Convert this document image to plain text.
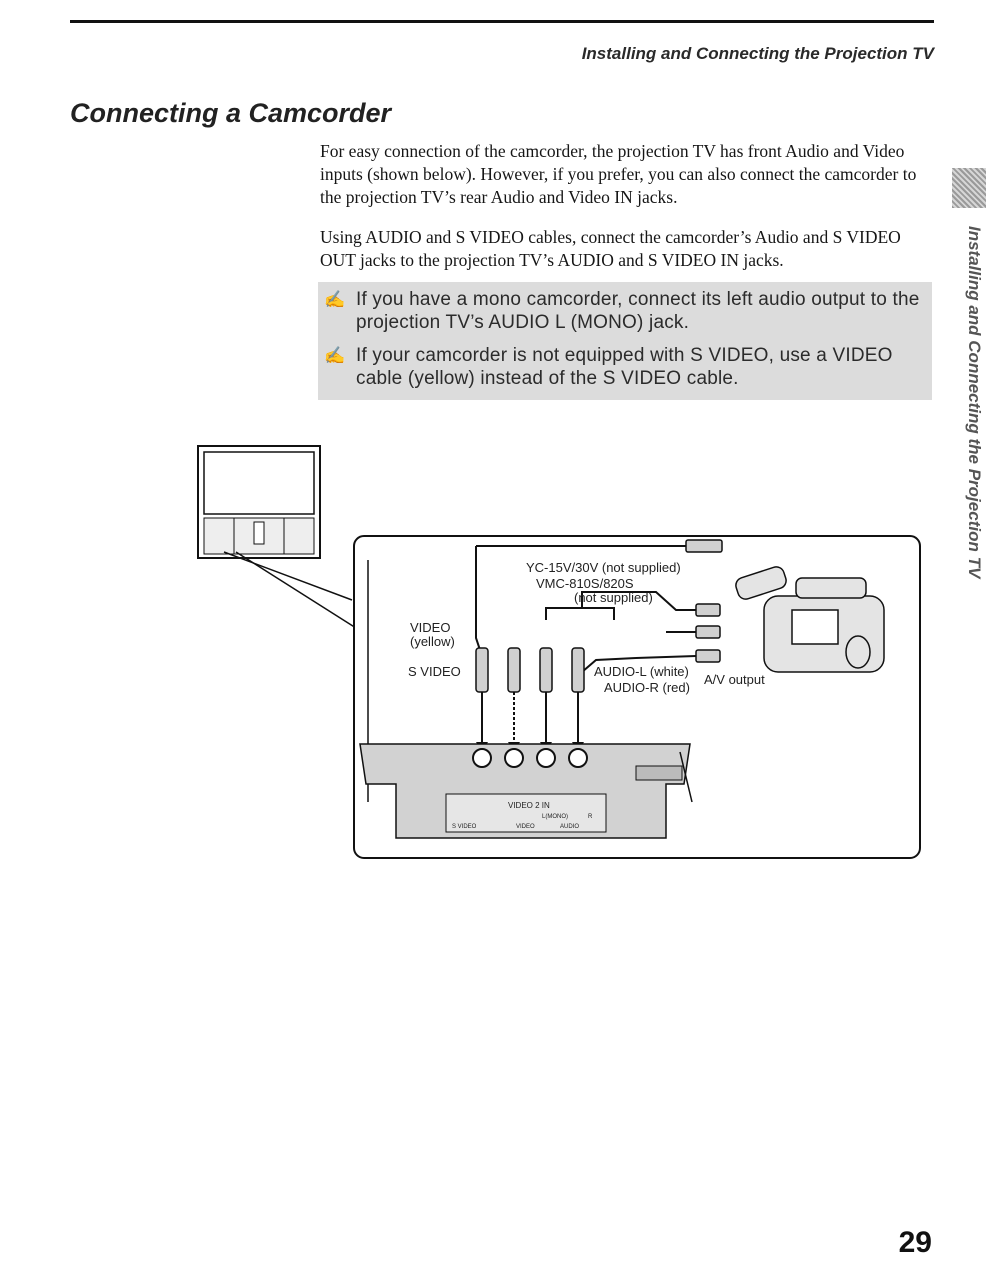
Installing and Connecting the Projection TV
Connecting a Camcorder

For easy connection of the camcorder, the projection TV has front Audio and Video inputs (shown below). However, if you prefer, you can also connect the camcorder to the projection TV’s rear Audio and Video IN jacks.

Using AUDIO and S VIDEO cables, connect the camcorder’s Audio and S VIDEO OUT jacks to the projection TV’s AUDIO and S VIDEO IN jacks.

✍ If you have a mono camcorder, connect its left audio output to the projection TV’s AUDIO L (MONO) jack.
✍ If your camcorder is not equipped with S VIDEO, use a VIDEO cable (yellow) instead of the S VIDEO cable.	Installing and Connecting the Projection TV
YC-15V/30V (not supplied)
VMC-810S/820S
(not supplied)
VIDEO
(yellow)
S VIDEO	AUDIO-L (white)
AUDIO-R (red)
A/V output
VIDEO 2 IN
S VIDEO	VIDEO	AUDIO
L(MONO)	R
29
